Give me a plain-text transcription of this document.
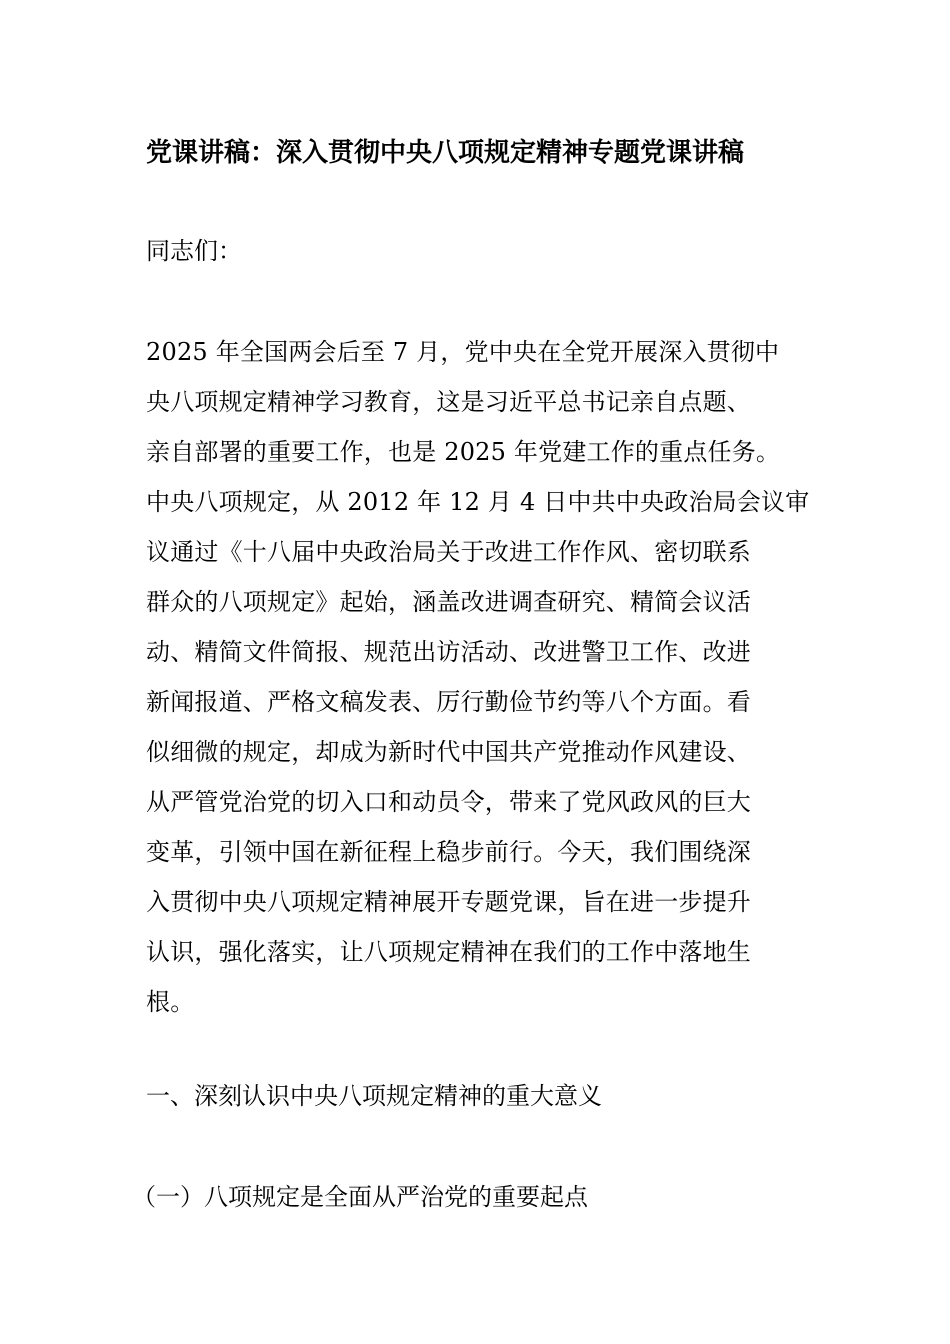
党课讲稿：深入贯彻中央八项规定精神专题党课讲稿

同志们：

2025 年全国两会后至 7 月，党中央在全党开展深入贯彻中
央八项规定精神学习教育，这是习近平总书记亲自点题、
亲自部署的重要工作，也是 2025 年党建工作的重点任务。
中央八项规定，从 2012 年 12 月 4 日中共中央政治局会议审
议通过《十八届中央政治局关于改进工作作风、密切联系
群众的八项规定》起始，涵盖改进调查研究、精简会议活
动、精简文件简报、规范出访活动、改进警卫工作、改进
新闻报道、严格文稿发表、厉行勤俭节约等八个方面。看
似细微的规定，却成为新时代中国共产党推动作风建设、
从严管党治党的切入口和动员令，带来了党风政风的巨大
变革，引领中国在新征程上稳步前行。今天，我们围绕深
入贯彻中央八项规定精神展开专题党课，旨在进一步提升
认识，强化落实，让八项规定精神在我们的工作中落地生
根。

一、深刻认识中央八项规定精神的重大意义

（一）八项规定是全面从严治党的重要起点
